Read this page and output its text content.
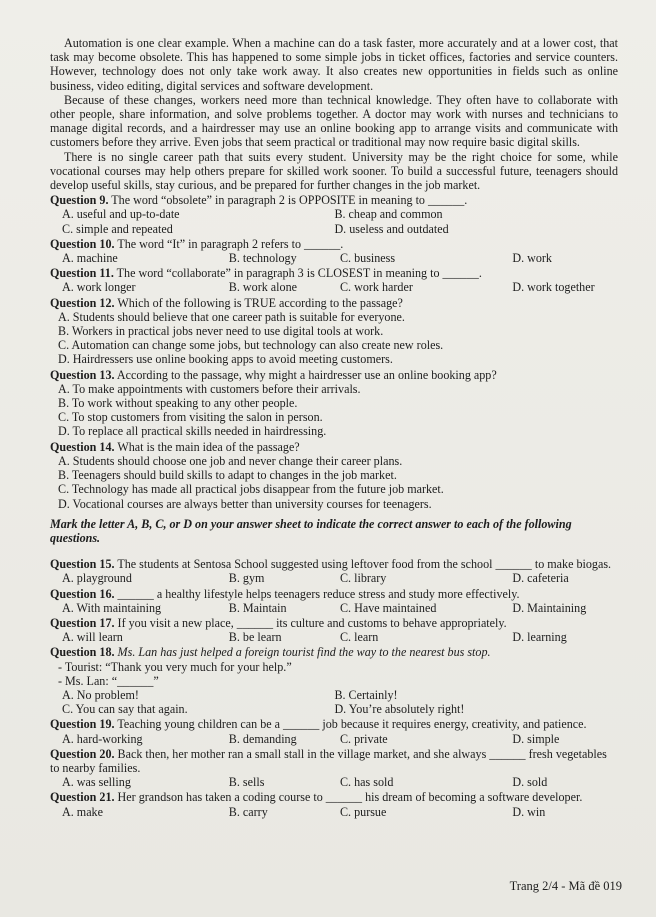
Automation is one clear example. When a machine can do a task faster, more accurately and at a lower cost, that task may become obsolete. This has happened to some simple jobs in ticket offices, factories and service counters. However, technology does not only take work away. It also creates new opportunities in fields such as online business, video editing, digital services and software development.

Because of these changes, workers need more than technical knowledge. They often have to collaborate with other people, share information, and solve problems together. A doctor may work with nurses and technicians to manage digital records, and a hairdresser may use an online booking app to arrange visits and communicate with customers before they arrive. Even jobs that seem practical or traditional may now require basic digital skills.

There is no single career path that suits every student. University may be the right choice for some, while vocational courses may help others prepare for skilled work sooner. To build a successful future, teenagers should develop useful skills, stay curious, and be prepared for further changes in the job market.

Question 9. The word “obsolete” in paragraph 2 is OPPOSITE in meaning to ______.
A. useful and up-to-date	B. cheap and common
C. simple and repeated	D. useless and outdated
Question 10. The word “It” in paragraph 2 refers to ______.
A. machine	B. technology	C. business	D. work
Question 11. The word “collaborate” in paragraph 3 is CLOSEST in meaning to ______.
A. work longer	B. work alone	C. work harder	D. work together
Question 12. Which of the following is TRUE according to the passage?

A. Students should believe that one career path is suitable for everyone.

B. Workers in practical jobs never need to use digital tools at work.

C. Automation can change some jobs, but technology can also create new roles.

D. Hairdressers use online booking apps to avoid meeting customers.

Question 13. According to the passage, why might a hairdresser use an online booking app?

A. To make appointments with customers before their arrivals.

B. To work without speaking to any other people.

C. To stop customers from visiting the salon in person.

D. To replace all practical skills needed in hairdressing.

Question 14. What is the main idea of the passage?

A. Students should choose one job and never change their career plans.

B. Teenagers should build skills to adapt to changes in the job market.

C. Technology has made all practical jobs disappear from the future job market.

D. Vocational courses are always better than university courses for teenagers.

Mark the letter A, B, C, or D on your answer sheet to indicate the correct answer to each of the following questions.

Question 15. The students at Sentosa School suggested using leftover food from the school ______ to make biogas.
A. playground	B. gym	C. library	D. cafeteria
Question 16. ______ a healthy lifestyle helps teenagers reduce stress and study more effectively.
A. With maintaining	B. Maintain	C. Have maintained	D. Maintaining
Question 17. If you visit a new place, ______ its culture and customs to behave appropriately.
A. will learn	B. be learn	C. learn	D. learning
Question 18. Ms. Lan has just helped a foreign tourist find the way to the nearest bus stop.

- Tourist: “Thank you very much for your help.”

- Ms. Lan: “______”

A. No problem!	B. Certainly!
C. You can say that again.	D. You’re absolutely right!
Question 19. Teaching young children can be a ______ job because it requires energy, creativity, and patience.
A. hard-working	B. demanding	C. private	D. simple
Question 20. Back then, her mother ran a small stall in the village market, and she always ______ fresh vegetables to nearby families.
A. was selling	B. sells	C. has sold	D. sold
Question 21. Her grandson has taken a coding course to ______ his dream of becoming a software developer.
A. make	B. carry	C. pursue	D. win
Trang 2/4 - Mã đề 019
